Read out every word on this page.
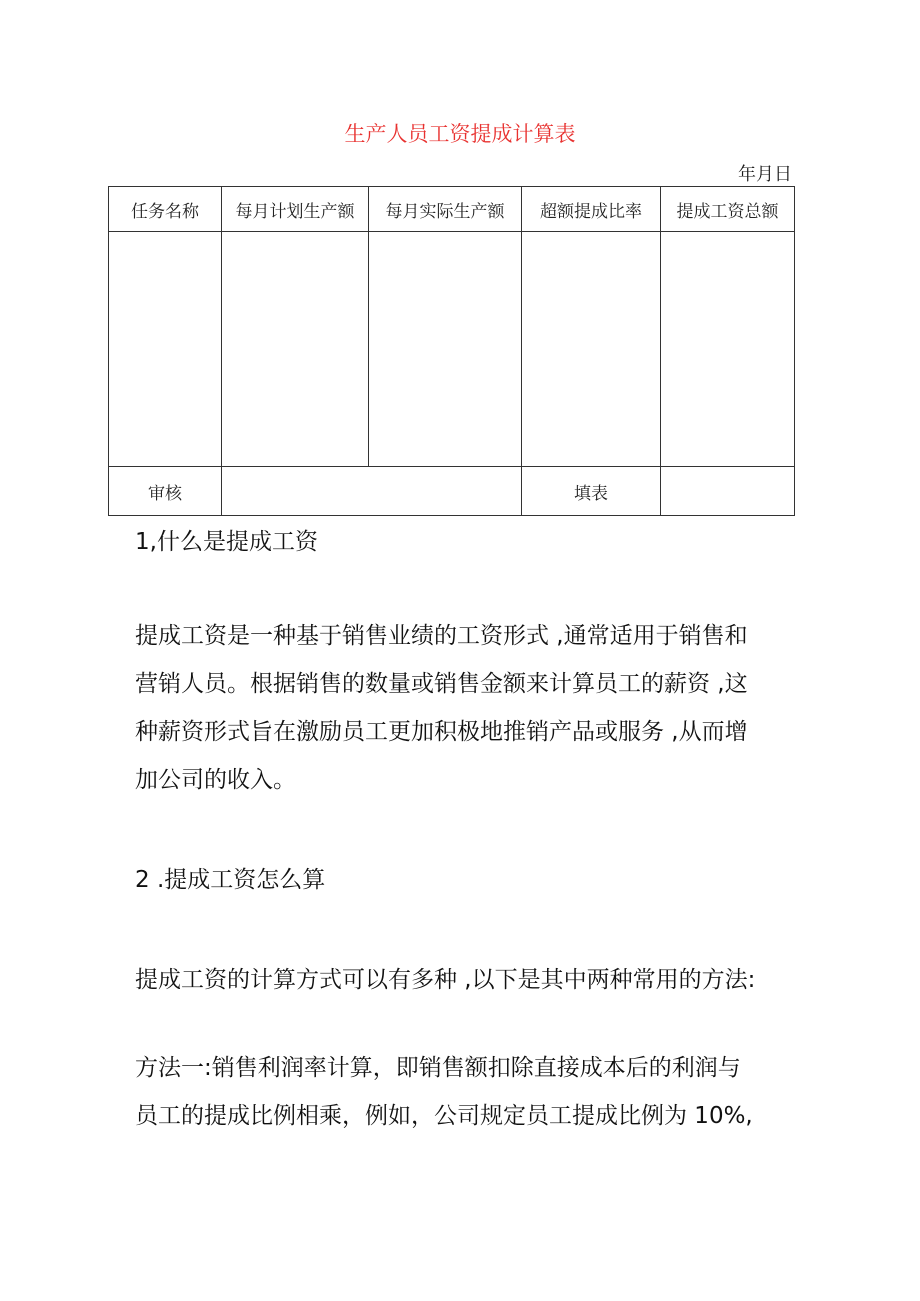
生产人员工资提成计算表
年月日
任务名称	每月计划生产额	每月实际生产额	超额提成比率	提成工资总额

审核			填表	

1,什么是提成工资

提成工资是一种基于销售业绩的工资形式 ,通常适用于销售和
营销人员。根据销售的数量或销售金额来计算员工的薪资 ,这
种薪资形式旨在激励员工更加积极地推销产品或服务 ,从而增
加公司的收入。

2 .提成工资怎么算

提成工资的计算方式可以有多种 ,以下是其中两种常用的方法:

方法一:销售利润率计算，即销售额扣除直接成本后的利润与
员工的提成比例相乘，例如，公司规定员工提成比例为 10%,
